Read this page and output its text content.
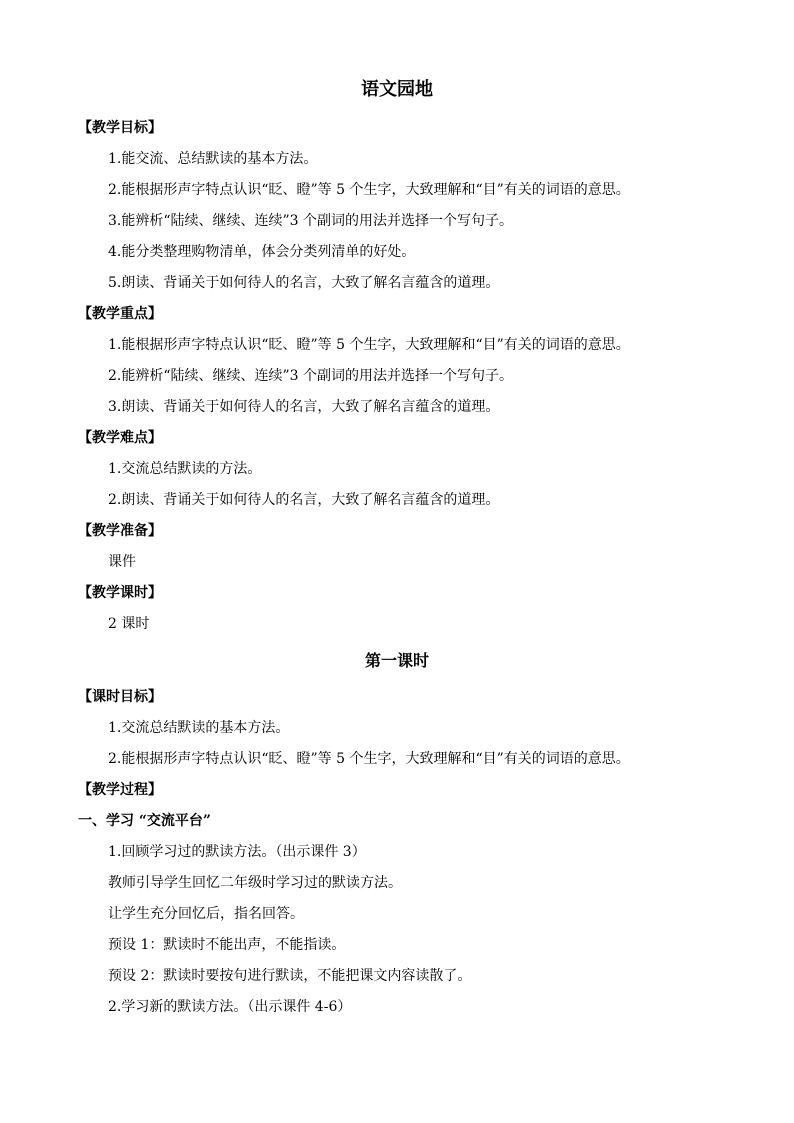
语文园地
【教学目标】
1.能交流、总结默读的基本方法。
2.能根据形声字特点认识“眨、瞪”等 5 个生字，大致理解和“目”有关的词语的意思。
3.能辨析“陆续、继续、连续”3 个副词的用法并选择一个写句子。
4.能分类整理购物清单，体会分类列清单的好处。
5.朗读、背诵关于如何待人的名言，大致了解名言蕴含的道理。
【教学重点】
1.能根据形声字特点认识“眨、瞪”等 5 个生字，大致理解和“目”有关的词语的意思。
2.能辨析“陆续、继续、连续”3 个副词的用法并选择一个写句子。
3.朗读、背诵关于如何待人的名言，大致了解名言蕴含的道理。
【教学难点】
1.交流总结默读的方法。
2.朗读、背诵关于如何待人的名言，大致了解名言蕴含的道理。
【教学准备】
课件
【教学课时】
2 课时
第一课时
【课时目标】
1.交流总结默读的基本方法。
2.能根据形声字特点认识“眨、瞪”等 5 个生字，大致理解和“目”有关的词语的意思。
【教学过程】
一、学习 “交流平台”
1.回顾学习过的默读方法。（出示课件 3）
教师引导学生回忆二年级时学习过的默读方法。
让学生充分回忆后，指名回答。
预设 1：默读时不能出声，不能指读。
预设 2：默读时要按句进行默读，不能把课文内容读散了。
2.学习新的默读方法。（出示课件 4-6）
